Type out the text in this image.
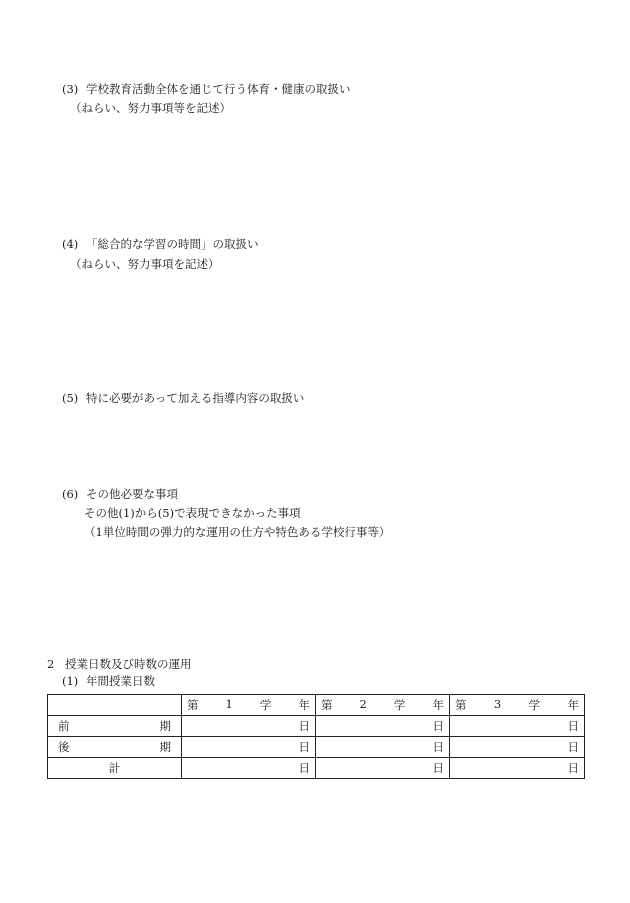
(3) 学校教育活動全体を通じて行う体育・健康の取扱い
（ねらい、努力事項等を記述）
(4) 「総合的な学習の時間」の取扱い
（ねらい、努力事項を記述）
(5) 特に必要があって加える指導内容の取扱い
(6) その他必要な事項
その他(1)から(5)で表現できなかった事項
（1単位時間の弾力的な運用の仕方や特色ある学校行事等）
2 授業日数及び時数の運用
(1) 年間授業日数

	第 1 学 年	第 2 学 年	第 3 学 年

前 期	日	日	日

後 期	日	日	日
計	日	日	日
